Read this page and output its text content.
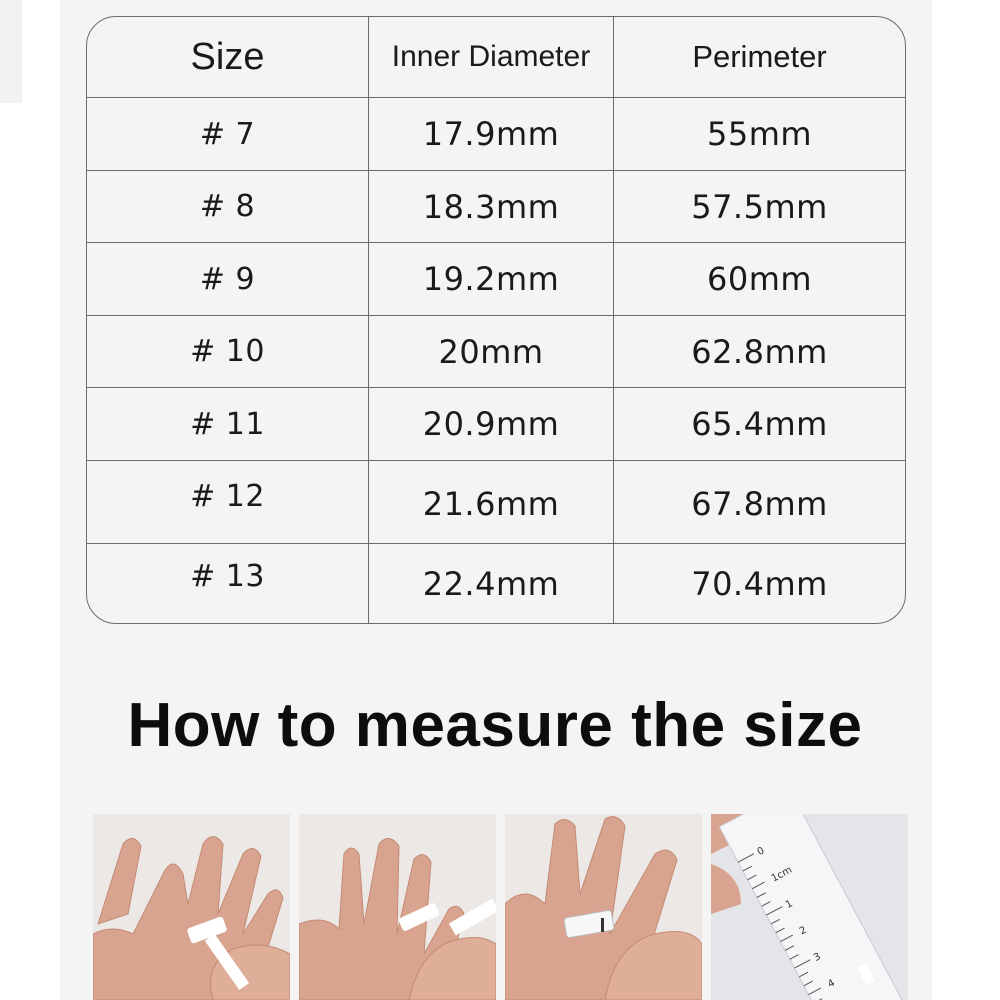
Size	Inner Diameter	Perimeter
# 7	17.9mm	55mm
# 8	18.3mm	57.5mm
# 9	19.2mm	60mm
# 10	20mm	62.8mm
# 11	20.9mm	65.4mm
# 12	21.6mm	67.8mm
# 13	22.4mm	70.4mm
How to measure the size
0
1cm
1
2
3
4
